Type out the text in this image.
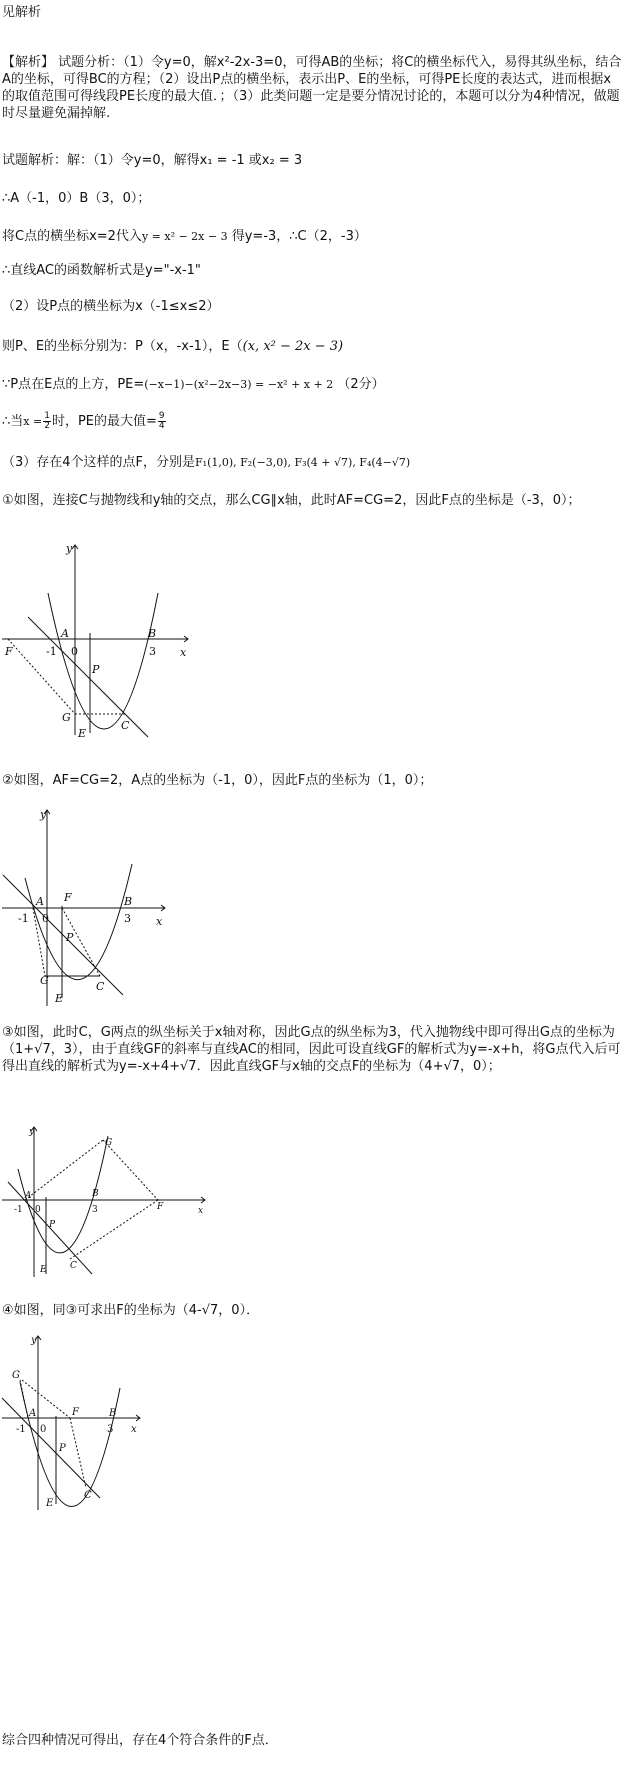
见解析
【解析】 试题分析：（1）令y=0，解x²-2x-3=0，可得AB的坐标；将C的横坐标代入，易得其纵坐标，结合A的坐标，可得BC的方程；（2）设出P点的横坐标，表示出P、E的坐标，可得PE长度的表达式，进而根据x的取值范围可得线段PE长度的最大值．；（3）此类问题一定是要分情况讨论的，本题可以分为4种情况，做题时尽量避免漏掉解.
试题解析：解：（1）令y=0，解得x₁ = -1 或x₂ = 3
∴A（-1，0）B（3，0）；
将C点的横坐标x=2代入y = x² − 2x − 3 得y=-3，∴C（2，-3）
∴直线AC的函数解析式是y="-x-1"
（2）设P点的横坐标为x（-1≤x≤2）
则P、E的坐标分别为：P（x，-x-1），E（(x, x² − 2x − 3)
∵P点在E点的上方，PE=(−x−1)−(x²−2x−3) = −x² + x + 2 （2分）
∴当$x = \frac{1}{2}$ 时，PE的最大值= $\frac{9}{4}$
（3）存在4个这样的点F，分别是F₁(1,0), F₂(−3,0), F₃(4 + √7), F₄(4−√7)
①如图，连接C与抛物线和y轴的交点，那么CG∥x轴，此时AF=CG=2，因此F点的坐标是（-3，0）；
y
x
A	B
F	-1 0	3
P
G
C
E
②如图，AF=CG=2，A点的坐标为（-1，0），因此F点的坐标为（1，0）；
y
x
A F	B
-1 0	3
P
G	C
E
③如图，此时C，G两点的纵坐标关于x轴对称，因此G点的纵坐标为3，代入抛物线中即可得出G点的坐标为（1+√7，3），由于直线GF的斜率与直线AC的相同，因此可设直线GF的解析式为y=-x+h，将G点代入后可得出直线的解析式为y=-x+4+√7．因此直线GF与x轴的交点F的坐标为（4+√7，0）；
y
x
A	B
G
F
-1 0	3
P
C
E
④如图，同③可求出F的坐标为（4-√7，0）．
y
x
G
A	F	B
-1 0	3
P
C
E
综合四种情况可得出，存在4个符合条件的F点．
